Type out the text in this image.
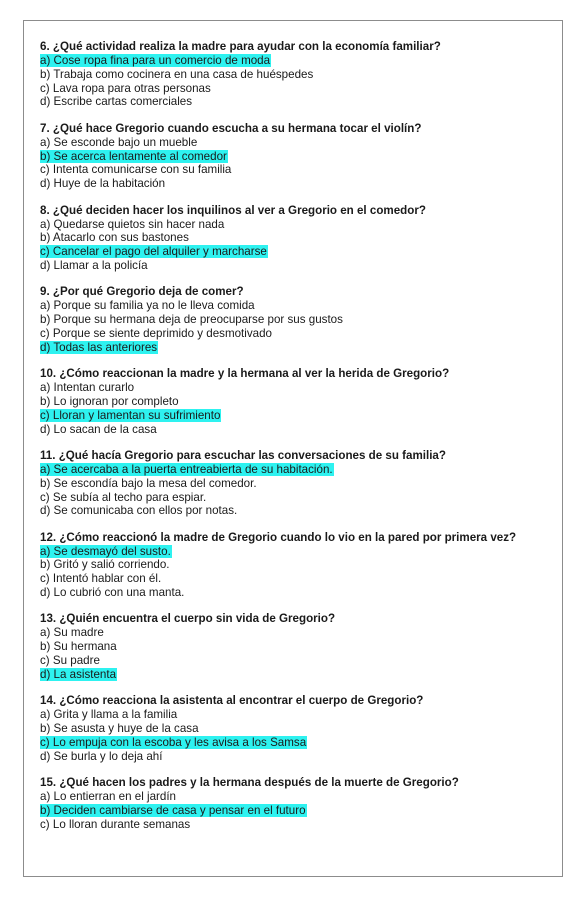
6. ¿Qué actividad realiza la madre para ayudar con la economía familiar?

a) Cose ropa fina para un comercio de moda

b) Trabaja como cocinera en una casa de huéspedes

c) Lava ropa para otras personas

d) Escribe cartas comerciales

7. ¿Qué hace Gregorio cuando escucha a su hermana tocar el violín?

a) Se esconde bajo un mueble

b) Se acerca lentamente al comedor

c) Intenta comunicarse con su familia

d) Huye de la habitación

8. ¿Qué deciden hacer los inquilinos al ver a Gregorio en el comedor?

a) Quedarse quietos sin hacer nada

b) Atacarlo con sus bastones

c) Cancelar el pago del alquiler y marcharse

d) Llamar a la policía

9. ¿Por qué Gregorio deja de comer?

a) Porque su familia ya no le lleva comida

b) Porque su hermana deja de preocuparse por sus gustos

c) Porque se siente deprimido y desmotivado

d) Todas las anteriores

10. ¿Cómo reaccionan la madre y la hermana al ver la herida de Gregorio?

a) Intentan curarlo

b) Lo ignoran por completo

c) Lloran y lamentan su sufrimiento

d) Lo sacan de la casa

11. ¿Qué hacía Gregorio para escuchar las conversaciones de su familia?

a) Se acercaba a la puerta entreabierta de su habitación.

b) Se escondía bajo la mesa del comedor.

c) Se subía al techo para espiar.

d) Se comunicaba con ellos por notas.

12. ¿Cómo reaccionó la madre de Gregorio cuando lo vio en la pared por primera vez?

a) Se desmayó del susto.

b) Gritó y salió corriendo.

c) Intentó hablar con él.

d) Lo cubrió con una manta.

13. ¿Quién encuentra el cuerpo sin vida de Gregorio?

a) Su madre

b) Su hermana

c) Su padre

d) La asistenta

14. ¿Cómo reacciona la asistenta al encontrar el cuerpo de Gregorio?

a) Grita y llama a la familia

b) Se asusta y huye de la casa

c) Lo empuja con la escoba y les avisa a los Samsa

d) Se burla y lo deja ahí

15. ¿Qué hacen los padres y la hermana después de la muerte de Gregorio?

a) Lo entierran en el jardín

b) Deciden cambiarse de casa y pensar en el futuro

c) Lo lloran durante semanas
